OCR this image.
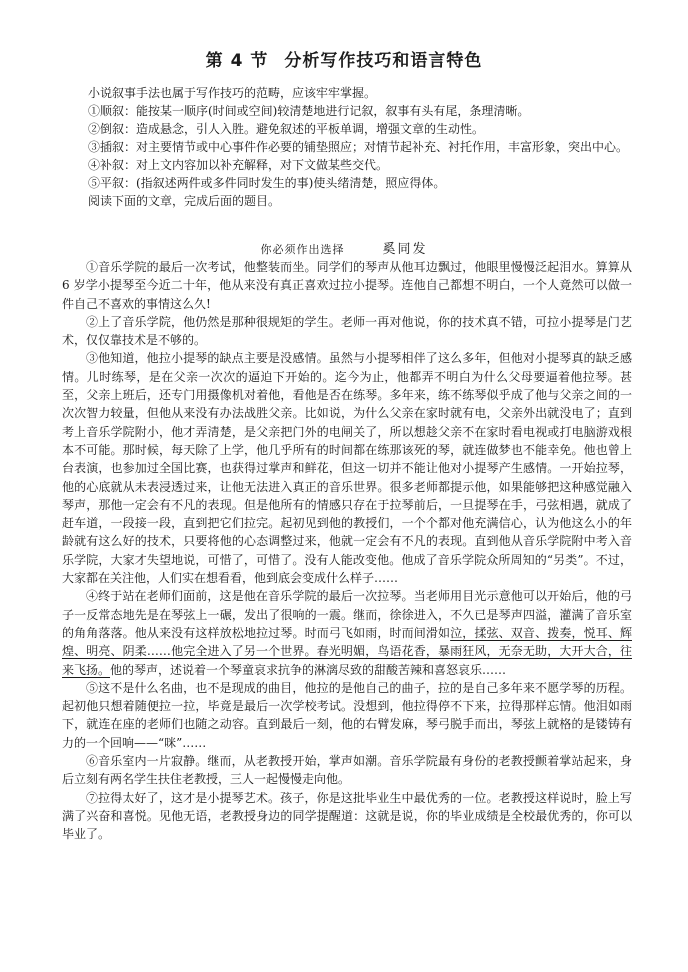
第 4 节 分析写作技巧和语言特色

小说叙事手法也属于写作技巧的范畴，应该牢牢掌握。

①顺叙：能按某一顺序(时间或空间)较清楚地进行记叙，叙事有头有尾，条理清晰。

②倒叙：造成悬念，引人入胜。避免叙述的平板单调，增强文章的生动性。

③插叙：对主要情节或中心事件作必要的铺垫照应；对情节起补充、衬托作用，丰富形象，突出中心。

④补叙：对上文内容加以补充解释，对下文做某些交代。

⑤平叙：(指叙述两件或多件同时发生的事)使头绪清楚，照应得体。

阅读下面的文章，完成后面的题目。

你必须作出选择	奚同发

①音乐学院的最后一次考试，他整装而坐。同学们的琴声从他耳边飘过，他眼里慢慢泛起泪水。算算从 6 岁学小提琴至今近二十年，他从来没有真正喜欢过拉小提琴。连他自己都想不明白，一个人竟然可以做一件自己不喜欢的事情这么久!

②上了音乐学院，他仍然是那种很规矩的学生。老师一再对他说，你的技术真不错，可拉小提琴是门艺术，仅仅靠技术是不够的。

③他知道，他拉小提琴的缺点主要是没感情。虽然与小提琴相伴了这么多年，但他对小提琴真的缺乏感情。儿时练琴，是在父亲一次次的逼迫下开始的。迄今为止，他都弄不明白为什么父母要逼着他拉琴。甚至，父亲上班后，还专门用摄像机对着他，看他是否在练琴。多年来，练不练琴似乎成了他与父亲之间的一次次智力较量，但他从来没有办法战胜父亲。比如说，为什么父亲在家时就有电，父亲外出就没电了；直到考上音乐学院附小，他才弄清楚，是父亲把门外的电闸关了，所以想趁父亲不在家时看电视或打电脑游戏根本不可能。那时候，每天除了上学，他几乎所有的时间都在练那该死的琴，就连做梦也不能幸免。他也曾上台表演，也参加过全国比赛，也获得过掌声和鲜花，但这一切并不能让他对小提琴产生感情。一开始拉琴，他的心底就从未表浸透过来，让他无法进入真正的音乐世界。很多老师都提示他，如果能够把这种感觉融入琴声，那他一定会有不凡的表现。但是他所有的情感只存在于拉琴前后，一旦提琴在手，弓弦相遇，就成了赶车道，一段接一段，直到把它们拉完。起初见到他的教授们，一个个都对他充满信心，认为他这么小的年龄就有这么好的技术，只要将他的心态调整过来，他就一定会有不凡的表现。直到他从音乐学院附中考入音乐学院，大家才失望地说，可惜了，可惜了。没有人能改变他。他成了音乐学院众所周知的“另类”。不过，大家都在关注他，人们实在想看看，他到底会变成什么样子……

④终于站在老师们面前，这是他在音乐学院的最后一次拉琴。当老师用目光示意他可以开始后，他的弓子一反常态地先是在琴弦上一碾，发出了很响的一震。继而，徐徐进入，不久已是琴声四溢，灌满了音乐室的角角落落。他从来没有这样放松地拉过琴。时而弓飞如雨，时而间滑如泣，揉弦、双音、拨奏，悦耳、辉煌、明亮、阴柔……他完全进入了另一个世界。春光明媚，鸟语花香，暴雨狂风，无奈无助，大开大合，往来飞扬。他的琴声，述说着一个琴童哀求抗争的淋漓尽致的甜酸苦辣和喜怒哀乐……

⑤这不是什么名曲，也不是现成的曲目，他拉的是他自己的曲子，拉的是自己多年来不愿学琴的历程。起初他只想着随便拉一拉，毕竟是最后一次学校考试。没想到，他拉得停不下来，拉得那样忘情。他泪如雨下，就连在座的老师们也随之动容。直到最后一刻，他的右臂发麻，琴弓脱手而出，琴弦上就格的是镂铸有力的一个回响——“咪”……

⑥音乐室内一片寂静。继而，从老教授开始，掌声如潮。音乐学院最有身份的老教授颤着掌站起来，身后立刻有两名学生扶住老教授，三人一起慢慢走向他。

⑦拉得太好了，这才是小提琴艺术。孩子，你是这批毕业生中最优秀的一位。老教授这样说时，脸上写满了兴奋和喜悦。见他无语，老教授身边的同学提醒道：这就是说，你的毕业成绩是全校最优秀的，你可以毕业了。
